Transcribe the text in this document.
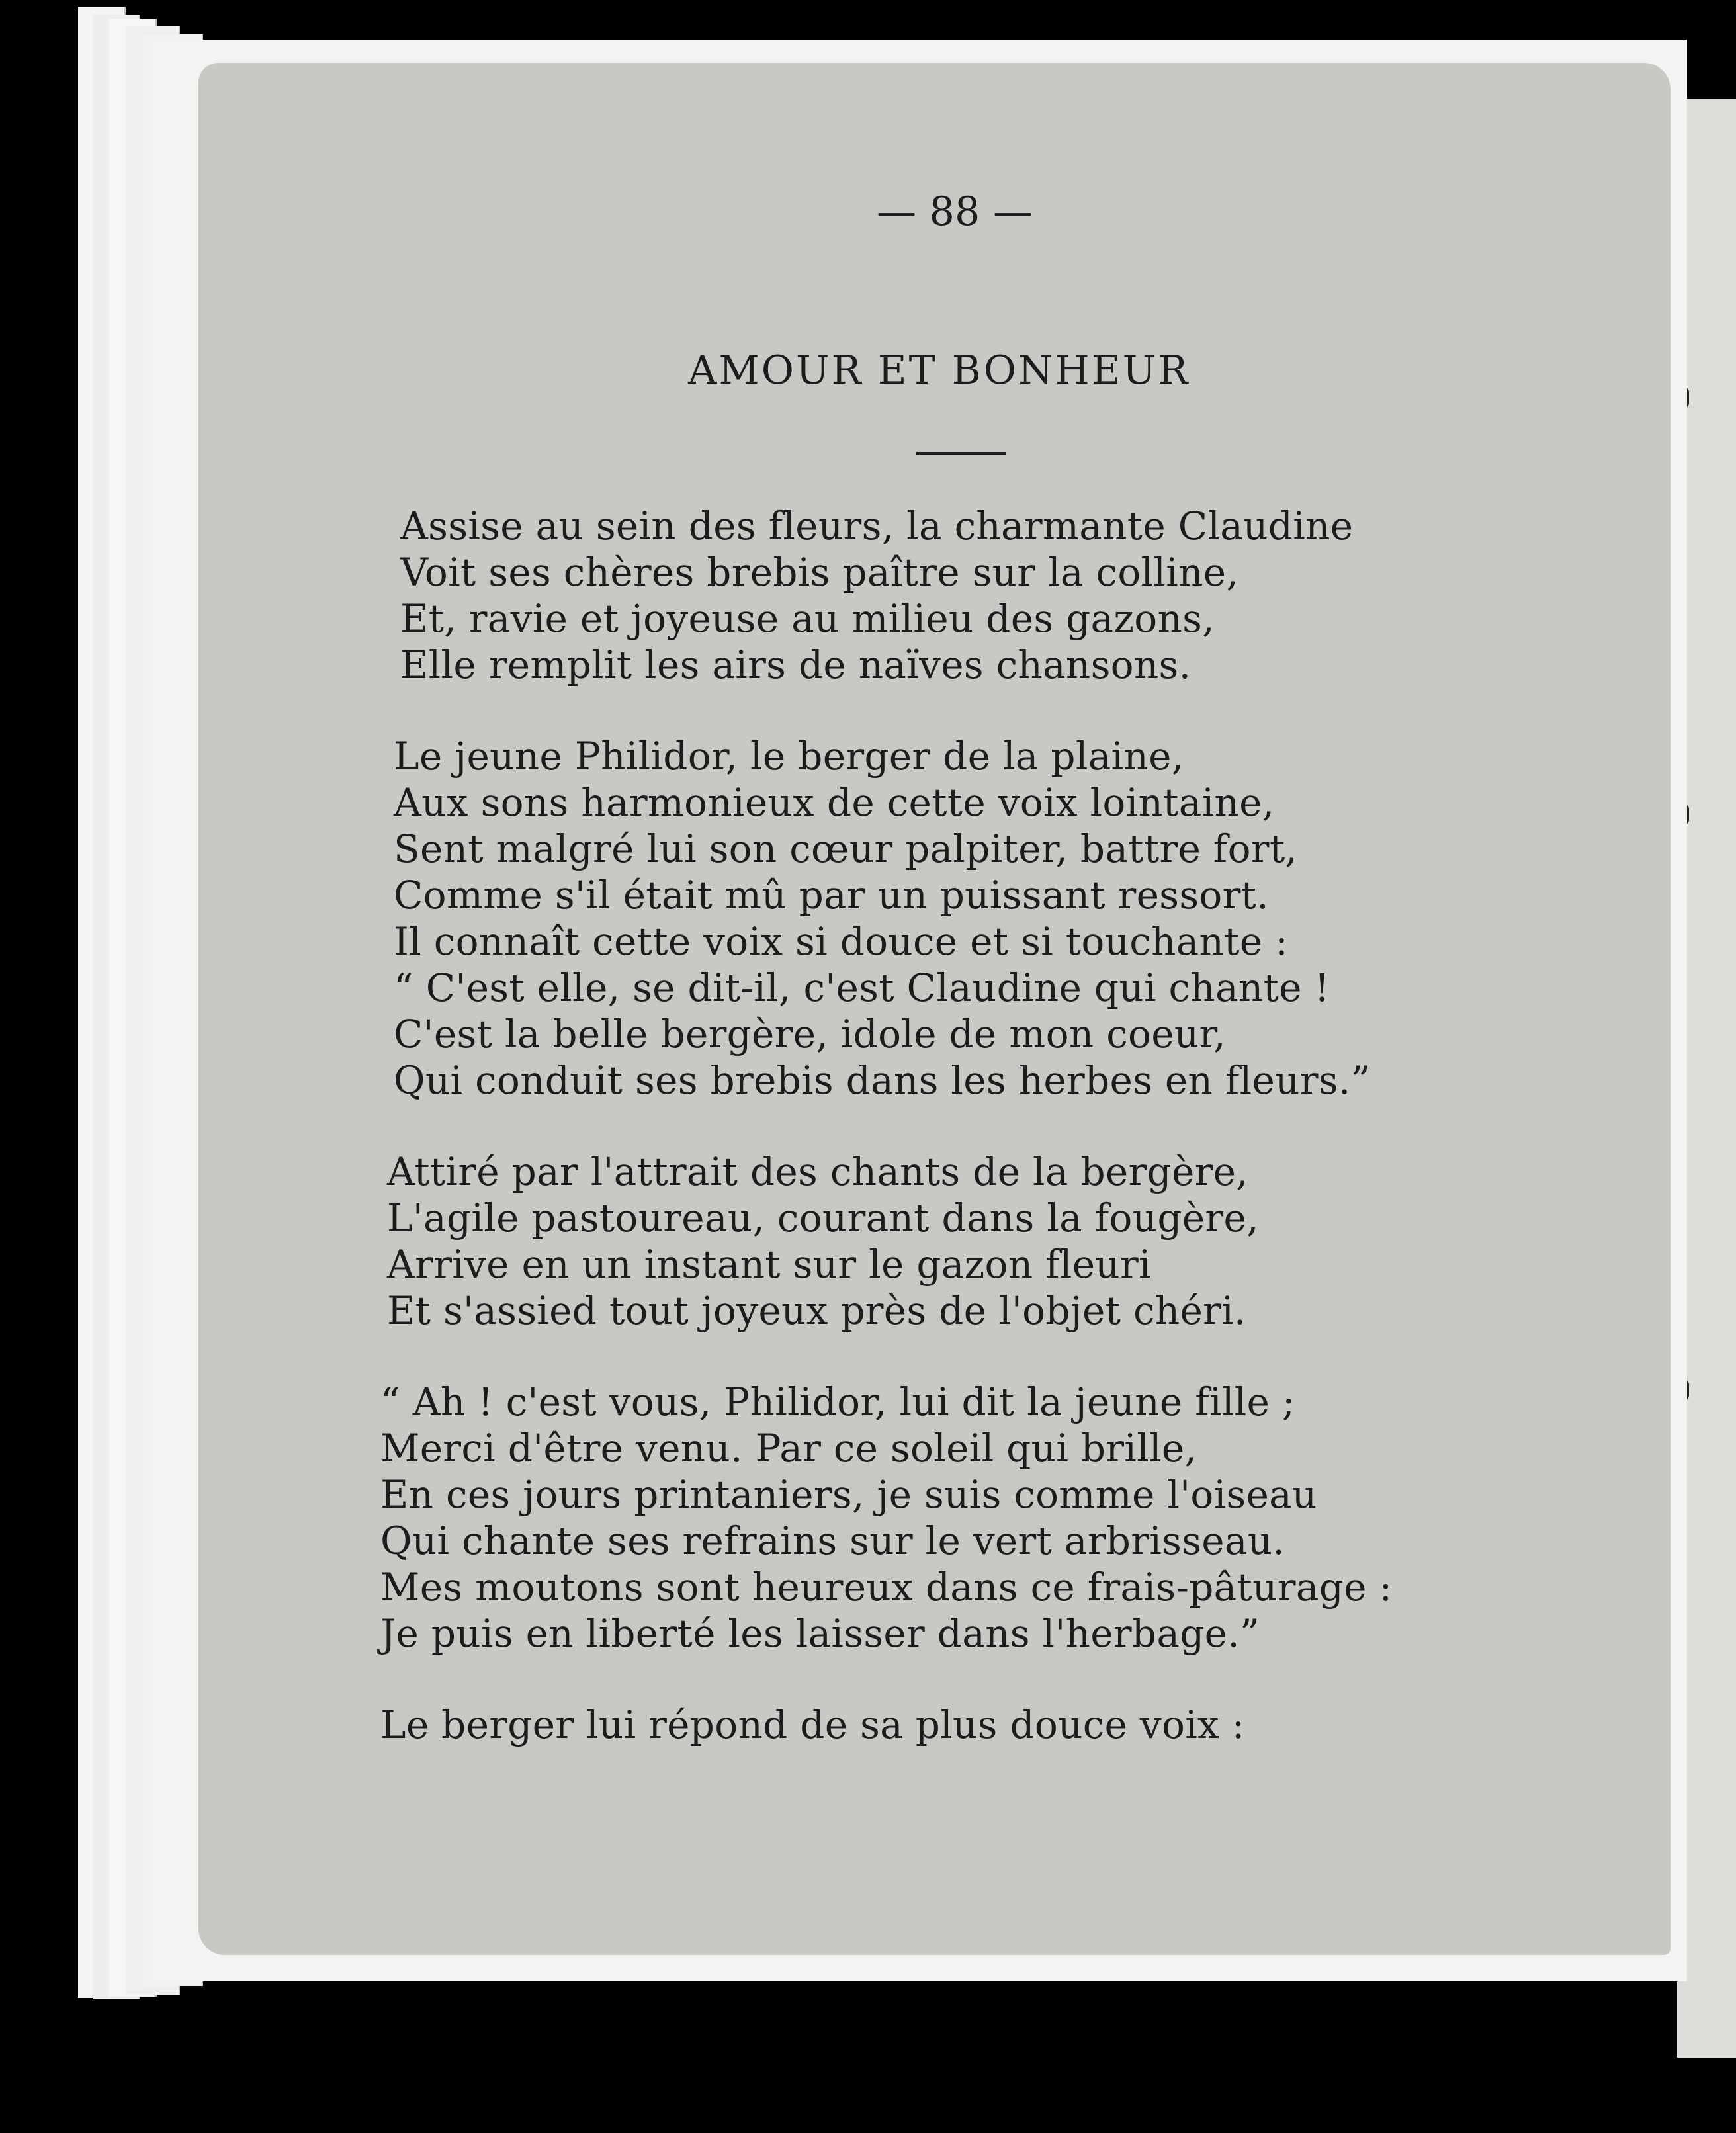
— 88 —
AMOUR ET BONHEUR
Assise au sein des fleurs, la charmante Claudine
Voit ses chères brebis paître sur la colline,
Et, ravie et joyeuse au milieu des gazons,
Elle remplit les airs de naïves chansons.
Le jeune Philidor, le berger de la plaine,
Aux sons harmonieux de cette voix lointaine,
Sent malgré lui son cœur palpiter, battre fort,
Comme s'il était mû par un puissant ressort.
Il connaît cette voix si douce et si touchante :
“ C'est elle, se dit-il, c'est Claudine qui chante !
C'est la belle bergère, idole de mon coeur,
Qui conduit ses brebis dans les herbes en fleurs.”
Attiré par l'attrait des chants de la bergère,
L'agile pastoureau, courant dans la fougère,
Arrive en un instant sur le gazon fleuri
Et s'assied tout joyeux près de l'objet chéri.
“ Ah ! c'est vous, Philidor, lui dit la jeune fille ;
Merci d'être venu. Par ce soleil qui brille,
En ces jours printaniers, je suis comme l'oiseau
Qui chante ses refrains sur le vert arbrisseau.
Mes moutons sont heureux dans ce frais-pâturage :
Je puis en liberté les laisser dans l'herbage.”
Le berger lui répond de sa plus douce voix :
